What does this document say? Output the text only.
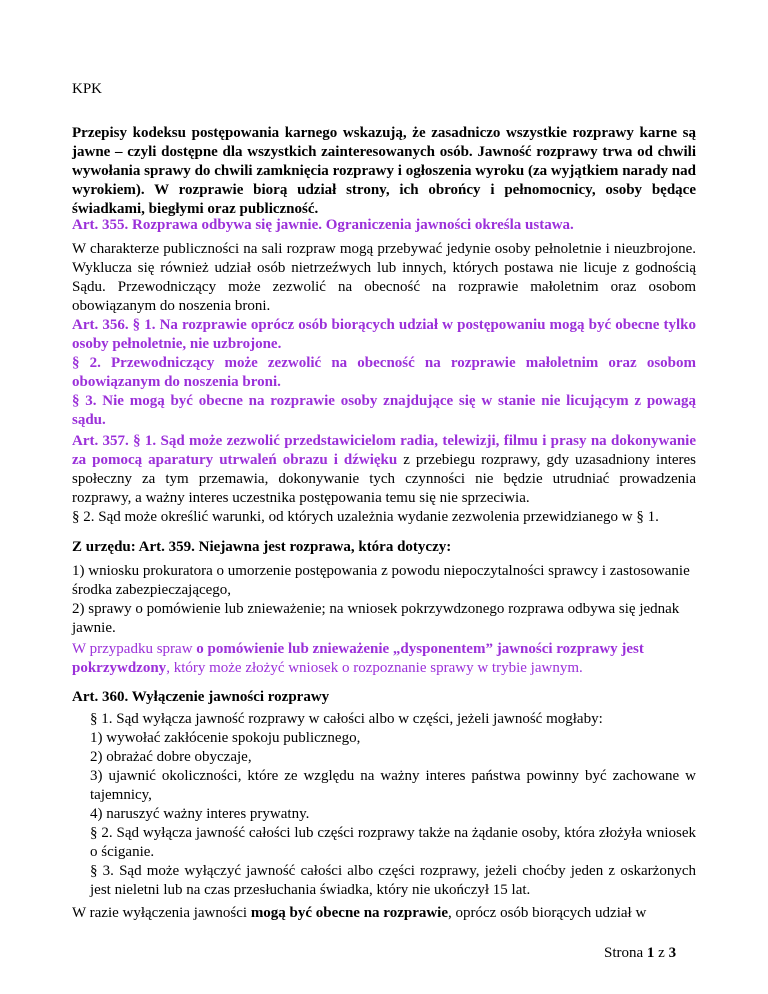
KPK

Przepisy kodeksu postępowania karnego wskazują, że zasadniczo wszystkie rozprawy karne są jawne – czyli dostępne dla wszystkich zainteresowanych osób. Jawność rozprawy trwa od chwili wywołania sprawy do chwili zamknięcia rozprawy i ogłoszenia wyroku (za wyjątkiem narady nad wyrokiem). W rozprawie biorą udział strony, ich obrońcy i pełnomocnicy, osoby będące świadkami, biegłymi oraz publiczność.

Art. 355. Rozprawa odbywa się jawnie. Ograniczenia jawności określa ustawa.

W charakterze publiczności na sali rozpraw mogą przebywać jedynie osoby pełnoletnie i nieuzbrojone. Wyklucza się również udział osób nietrzeźwych lub innych, których postawa nie licuje z godnością Sądu. Przewodniczący może zezwolić na obecność na rozprawie małoletnim oraz osobom obowiązanym do noszenia broni.

Art. 356. § 1. Na rozprawie oprócz osób biorących udział w postępowaniu mogą być obecne tylko osoby pełnoletnie, nie uzbrojone.

§ 2. Przewodniczący może zezwolić na obecność na rozprawie małoletnim oraz osobom obowiązanym do noszenia broni.

§ 3. Nie mogą być obecne na rozprawie osoby znajdujące się w stanie nie licującym z powagą sądu.

Art. 357. § 1. Sąd może zezwolić przedstawicielom radia, telewizji, filmu i prasy na dokonywanie za pomocą aparatury utrwaleń obrazu i dźwięku z przebiegu rozprawy, gdy uzasadniony interes społeczny za tym przemawia, dokonywanie tych czynności nie będzie utrudniać prowadzenia rozprawy, a ważny interes uczestnika postępowania temu się nie sprzeciwia.

§ 2. Sąd może określić warunki, od których uzależnia wydanie zezwolenia przewidzianego w § 1.

Z urzędu: Art. 359. Niejawna jest rozprawa, która dotyczy:

1) wniosku prokuratora o umorzenie postępowania z powodu niepoczytalności sprawcy i zastosowanie środka zabezpieczającego,

2) sprawy o pomówienie lub znieważenie; na wniosek pokrzywdzonego rozprawa odbywa się jednak jawnie.

W przypadku spraw o pomówienie lub znieważenie „dysponentem” jawności rozprawy jest pokrzywdzony, który może złożyć wniosek o rozpoznanie sprawy w trybie jawnym.

Art. 360. Wyłączenie jawności rozprawy

§ 1. Sąd wyłącza jawność rozprawy w całości albo w części, jeżeli jawność mogłaby:

1) wywołać zakłócenie spokoju publicznego,

2) obrażać dobre obyczaje,

3) ujawnić okoliczności, które ze względu na ważny interes państwa powinny być zachowane w tajemnicy,

4) naruszyć ważny interes prywatny.

§ 2. Sąd wyłącza jawność całości lub części rozprawy także na żądanie osoby, która złożyła wniosek o ściganie.

§ 3. Sąd może wyłączyć jawność całości albo części rozprawy, jeżeli choćby jeden z oskarżonych jest nieletni lub na czas przesłuchania świadka, który nie ukończył 15 lat.

W razie wyłączenia jawności mogą być obecne na rozprawie, oprócz osób biorących udział w

Strona 1 z 3
